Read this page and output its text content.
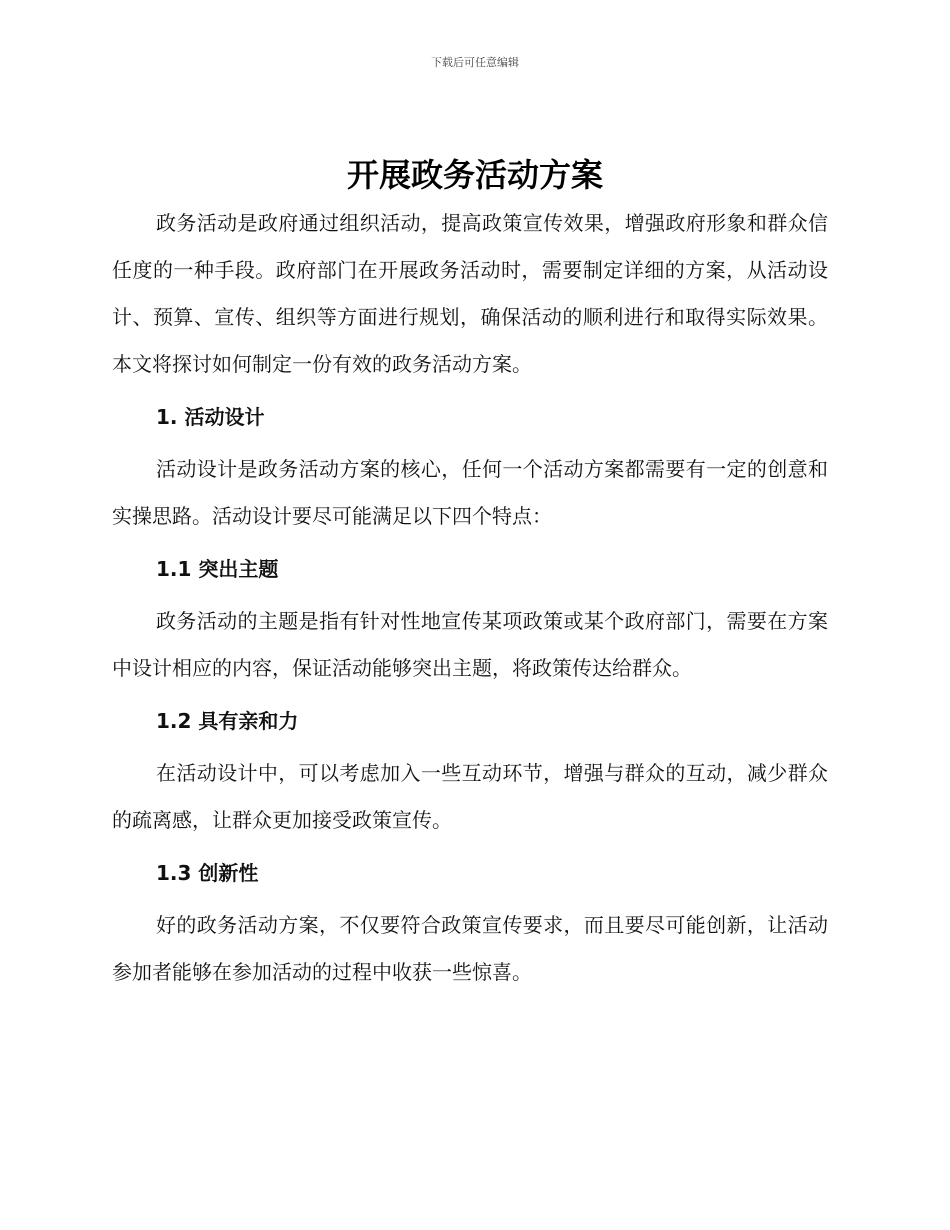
下载后可任意编辑
开展政务活动方案

政务活动是政府通过组织活动，提高政策宣传效果，增强政府形象和群众信任度的一种手段。政府部门在开展政务活动时，需要制定详细的方案，从活动设计、预算、宣传、组织等方面进行规划，确保活动的顺利进行和取得实际效果。本文将探讨如何制定一份有效的政务活动方案。

1. 活动设计

活动设计是政务活动方案的核心，任何一个活动方案都需要有一定的创意和实操思路。活动设计要尽可能满足以下四个特点：

1.1 突出主题

政务活动的主题是指有针对性地宣传某项政策或某个政府部门，需要在方案中设计相应的内容，保证活动能够突出主题，将政策传达给群众。

1.2 具有亲和力

在活动设计中，可以考虑加入一些互动环节，增强与群众的互动，减少群众的疏离感，让群众更加接受政策宣传。

1.3 创新性

好的政务活动方案，不仅要符合政策宣传要求，而且要尽可能创新，让活动参加者能够在参加活动的过程中收获一些惊喜。
